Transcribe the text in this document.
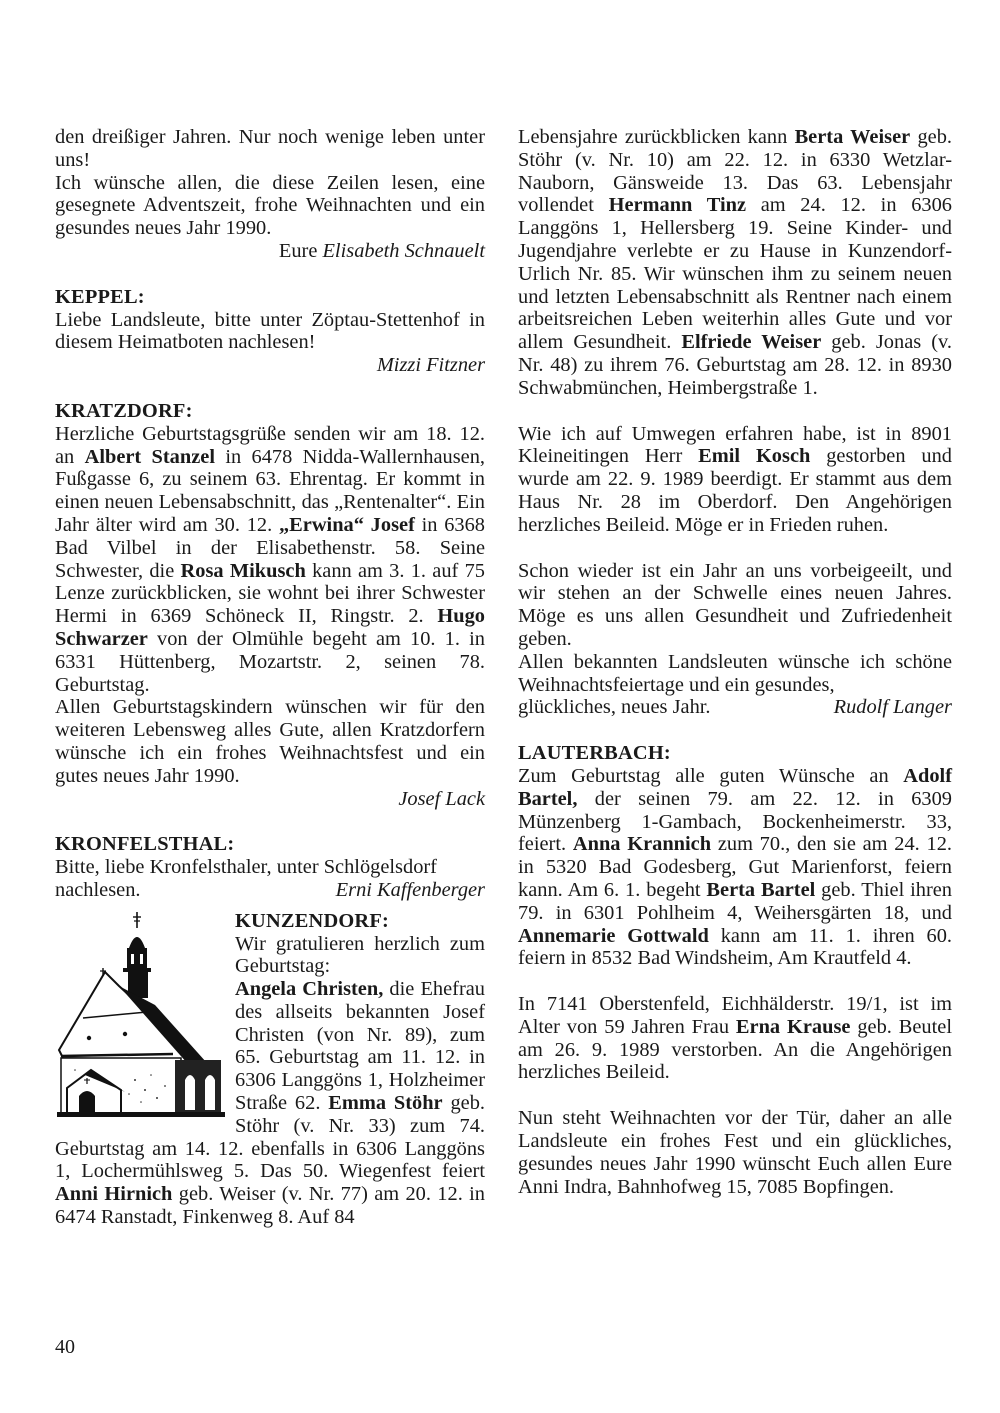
den dreißiger Jahren. Nur noch wenige leben unter uns!

Ich wünsche allen, die diese Zeilen lesen, eine gesegnete Adventszeit, frohe Weihnachten und ein gesundes neues Jahr 1990.

Eure Elisabeth Schnauelt

KEPPEL:

Liebe Landsleute, bitte unter Zöptau-Stettenhof in diesem Heimatboten nachlesen!

Mizzi Fitzner

KRATZDORF:

Herzliche Geburtstagsgrüße senden wir am 18. 12. an Albert Stanzel in 6478 Nidda-Wallernhausen, Fußgasse 6, zu seinem 63. Ehrentag. Er kommt in einen neuen Lebensabschnitt, das „Rentenalter“. Ein Jahr älter wird am 30. 12. „Erwina“ Josef in 6368 Bad Vilbel in der Elisabethenstr. 58. Seine Schwester, die Rosa Mikusch kann am 3. 1. auf 75 Lenze zurückblicken, sie wohnt bei ihrer Schwester Hermi in 6369 Schöneck II, Ringstr. 2. Hugo Schwarzer von der Olmühle begeht am 10. 1. in 6331 Hüttenberg, Mozartstr. 2, seinen 78. Geburtstag.

Allen Geburtstagskindern wünschen wir für den weiteren Lebensweg alles Gute, allen Kratzdorfern wünsche ich ein frohes Weihnachtsfest und ein gutes neues Jahr 1990.

Josef Lack

KRONFELSTHAL:

Bitte, liebe Kronfelsthaler, unter Schlögelsdorf

nachlesen.	Erni Kaffenberger

KUNZENDORF:

Wir gratulieren herzlich zum Geburtstag:

Angela Christen, die Ehefrau des allseits bekannten Josef Christen (von Nr. 89), zum 65. Geburtstag am 11. 12. in 6306 Langgöns 1, Holzheimer Straße 62. Emma Stöhr geb. Stöhr (v. Nr. 33) zum 74. Geburtstag am 14. 12. ebenfalls in 6306 Langgöns 1, Lochermühlsweg 5. Das 50. Wiegenfest feiert Anni Hirnich geb. Weiser (v. Nr. 77) am 20. 12. in 6474 Ranstadt, Finkenweg 8. Auf 84

Lebensjahre zurückblicken kann Berta Weiser geb. Stöhr (v. Nr. 10) am 22. 12. in 6330 Wetzlar-Nauborn, Gänsweide 13. Das 63. Lebensjahr vollendet Hermann Tinz am 24. 12. in 6306 Langgöns 1, Hellersberg 19. Seine Kinder- und Jugendjahre verlebte er zu Hause in Kunzendorf-Urlich Nr. 85. Wir wünschen ihm zu seinem neuen und letzten Lebensabschnitt als Rentner nach einem arbeitsreichen Leben weiterhin alles Gute und vor allem Gesundheit. Elfriede Weiser geb. Jonas (v. Nr. 48) zu ihrem 76. Geburtstag am 28. 12. in 8930 Schwabmünchen, Heimbergstraße 1.

Wie ich auf Umwegen erfahren habe, ist in 8901 Kleineitingen Herr Emil Kosch gestorben und wurde am 22. 9. 1989 beerdigt. Er stammt aus dem Haus Nr. 28 im Oberdorf. Den Angehörigen herzliches Beileid. Möge er in Frieden ruhen.

Schon wieder ist ein Jahr an uns vorbeigeeilt, und wir stehen an der Schwelle eines neuen Jahres. Möge es uns allen Gesundheit und Zufriedenheit geben.

Allen bekannten Landsleuten wünsche ich schöne Weihnachtsfeiertage und ein gesundes,

glückliches, neues Jahr.	Rudolf Langer

LAUTERBACH:

Zum Geburtstag alle guten Wünsche an Adolf Bartel, der seinen 79. am 22. 12. in 6309 Münzenberg 1-Gambach, Bockenheimerstr. 33, feiert. Anna Krannich zum 70., den sie am 24. 12. in 5320 Bad Godesberg, Gut Marienforst, feiern kann. Am 6. 1. begeht Berta Bartel geb. Thiel ihren 79. in 6301 Pohlheim 4, Weihersgärten 18, und Annemarie Gottwald kann am 11. 1. ihren 60. feiern in 8532 Bad Windsheim, Am Krautfeld 4.

In 7141 Oberstenfeld, Eichhälderstr. 19/1, ist im Alter von 59 Jahren Frau Erna Krause geb. Beutel am 26. 9. 1989 verstorben. An die Angehörigen herzliches Beileid.

Nun steht Weihnachten vor der Tür, daher an alle Landsleute ein frohes Fest und ein glückliches, gesundes neues Jahr 1990 wünscht Euch allen Eure Anni Indra, Bahnhofweg 15, 7085 Bopfingen.

40
